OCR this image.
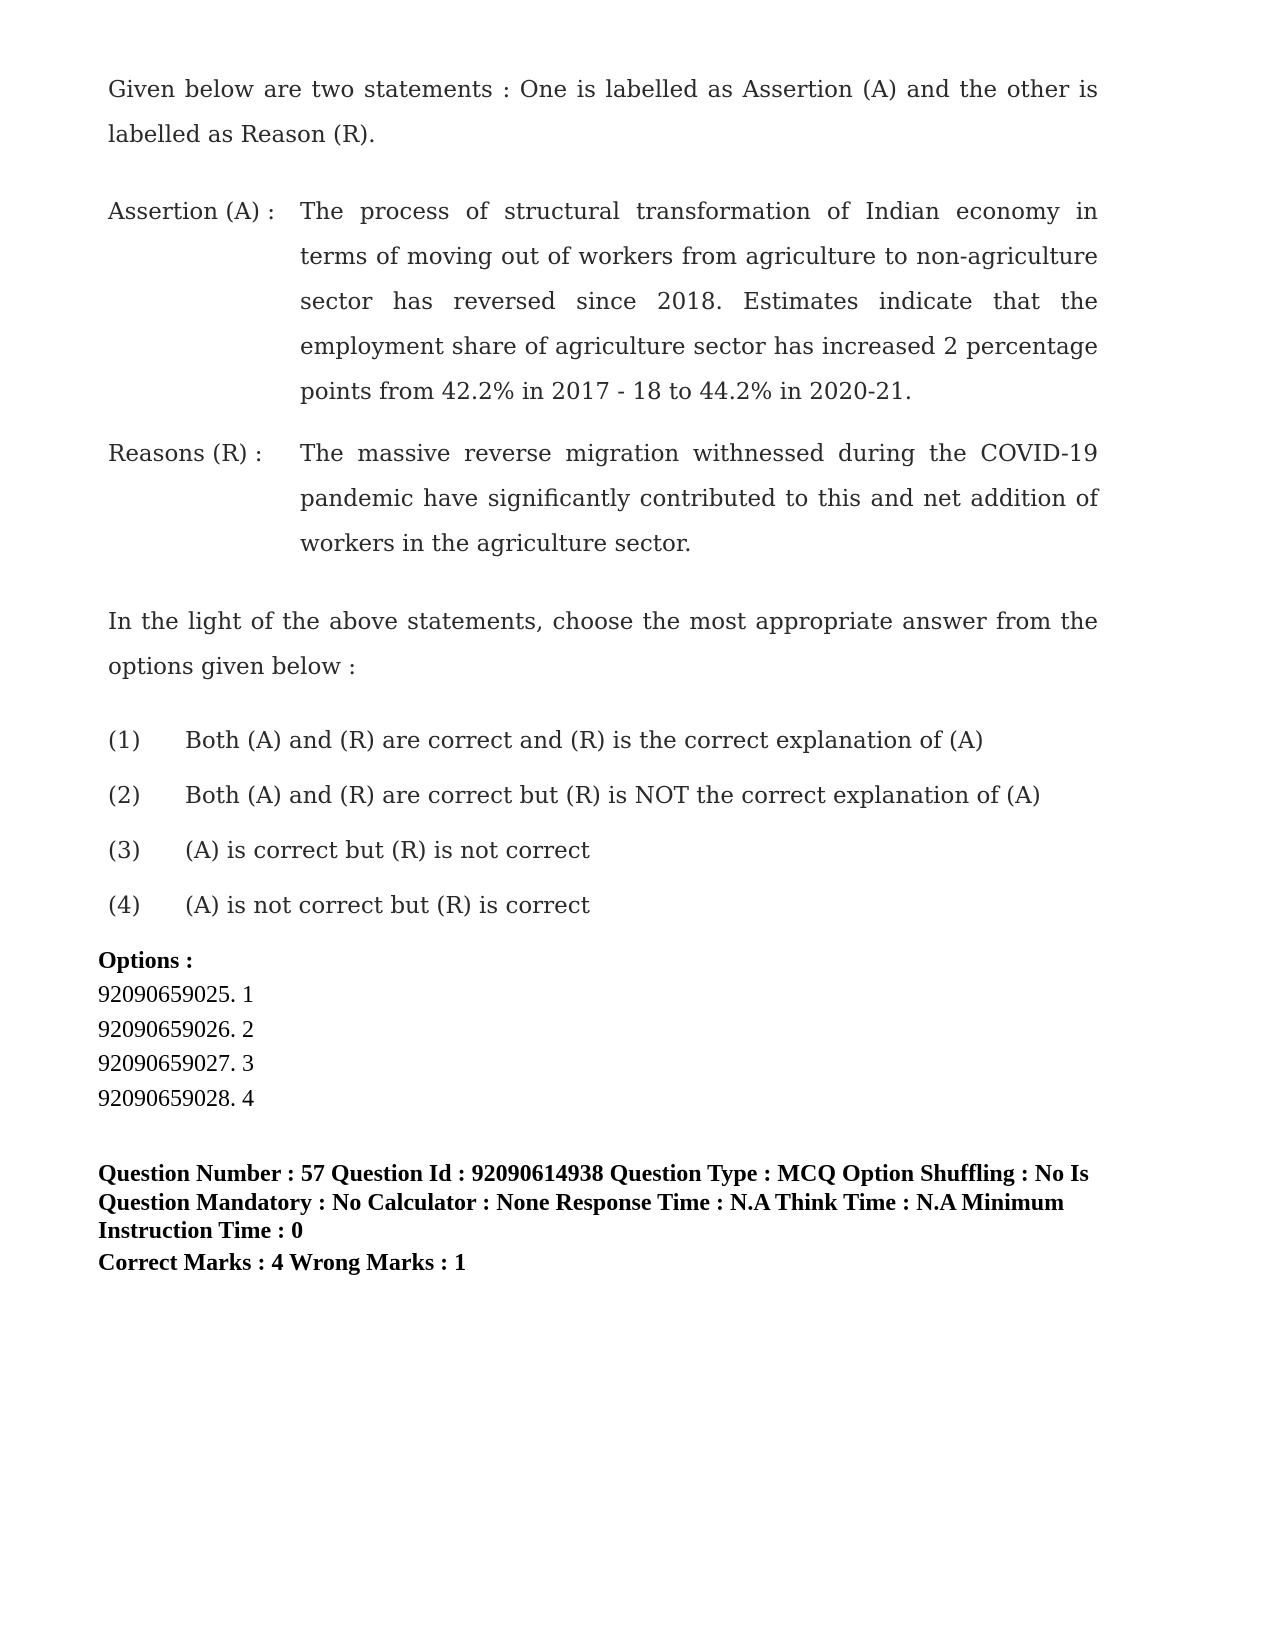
Given below are two statements : One is labelled as Assertion (A) and the other is labelled as Reason (R).

Assertion (A) : The process of structural transformation of Indian economy in terms of moving out of workers from agriculture to non-agriculture sector has reversed since 2018. Estimates indicate that the employment share of agriculture sector has increased 2 percentage points from 42.2% in 2017 - 18 to 44.2% in 2020-21.

Reasons (R) : The massive reverse migration withnessed during the COVID-19 pandemic have significantly contributed to this and net addition of workers in the agriculture sector.

In the light of the above statements, choose the most appropriate answer from the options given below :

(1) Both (A) and (R) are correct and (R) is the correct explanation of (A)
(2) Both (A) and (R) are correct but (R) is NOT the correct explanation of (A)
(3) (A) is correct but (R) is not correct
(4) (A) is not correct but (R) is correct
Options :
92090659025. 1
92090659026. 2
92090659027. 3
92090659028. 4

Question Number : 57 Question Id : 92090614938 Question Type : MCQ Option Shuffling : No Is Question Mandatory : No Calculator : None Response Time : N.A Think Time : N.A Minimum Instruction Time : 0

Correct Marks : 4 Wrong Marks : 1
